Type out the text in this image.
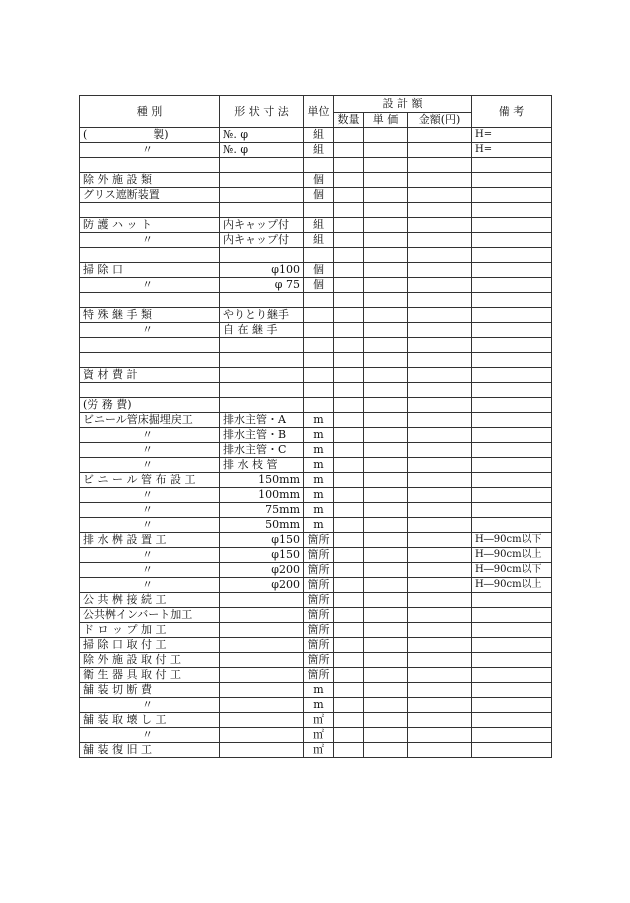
種 別	形 状 寸 法	単位	設 計 額			備 考
			数量	単 価	金額(円)	
(　　　　　　製)	№. φ	組				H=
〃	№. φ	組				H=

除 外 施 設 類		個				
グリス遮断装置		個				

防 護 ハ ッ ト	内キャップ付	組				
〃	内キャップ付	組				

掃 除 口	φ100	個				
〃	φ 75	個				

特 殊 継 手 類	やりとり継手					
〃	自 在 継 手					

資 材 費 計						

(労 務 費)						
ビニール管床掘埋戻工	排水主管・A	m				
〃	排水主管・B	m				
〃	排水主管・C	m				
〃	排 水 枝 管	m				
ビ ニ ー ル 管 布 設 工	150mm	m				
〃	100mm	m				
〃	75mm	m				
〃	50mm	m				
排 水 桝 設 置 工	φ150	箇所				H―90cm以下
〃	φ150	箇所				H―90cm以上
〃	φ200	箇所				H―90cm以下
〃	φ200	箇所				H―90cm以上
公 共 桝 接 続 工		箇所				
公共桝インバート加工		箇所				
ド ロ ッ プ 加 工		箇所				
掃 除 口 取 付 工		箇所				
除 外 施 設 取 付 工		箇所				
衛 生 器 具 取 付 工		箇所				
舗 装 切 断 費		m				
〃		m				
舗 装 取 壊 し 工		㎡				
〃		㎡				
舗 装 復 旧 工		㎡				
